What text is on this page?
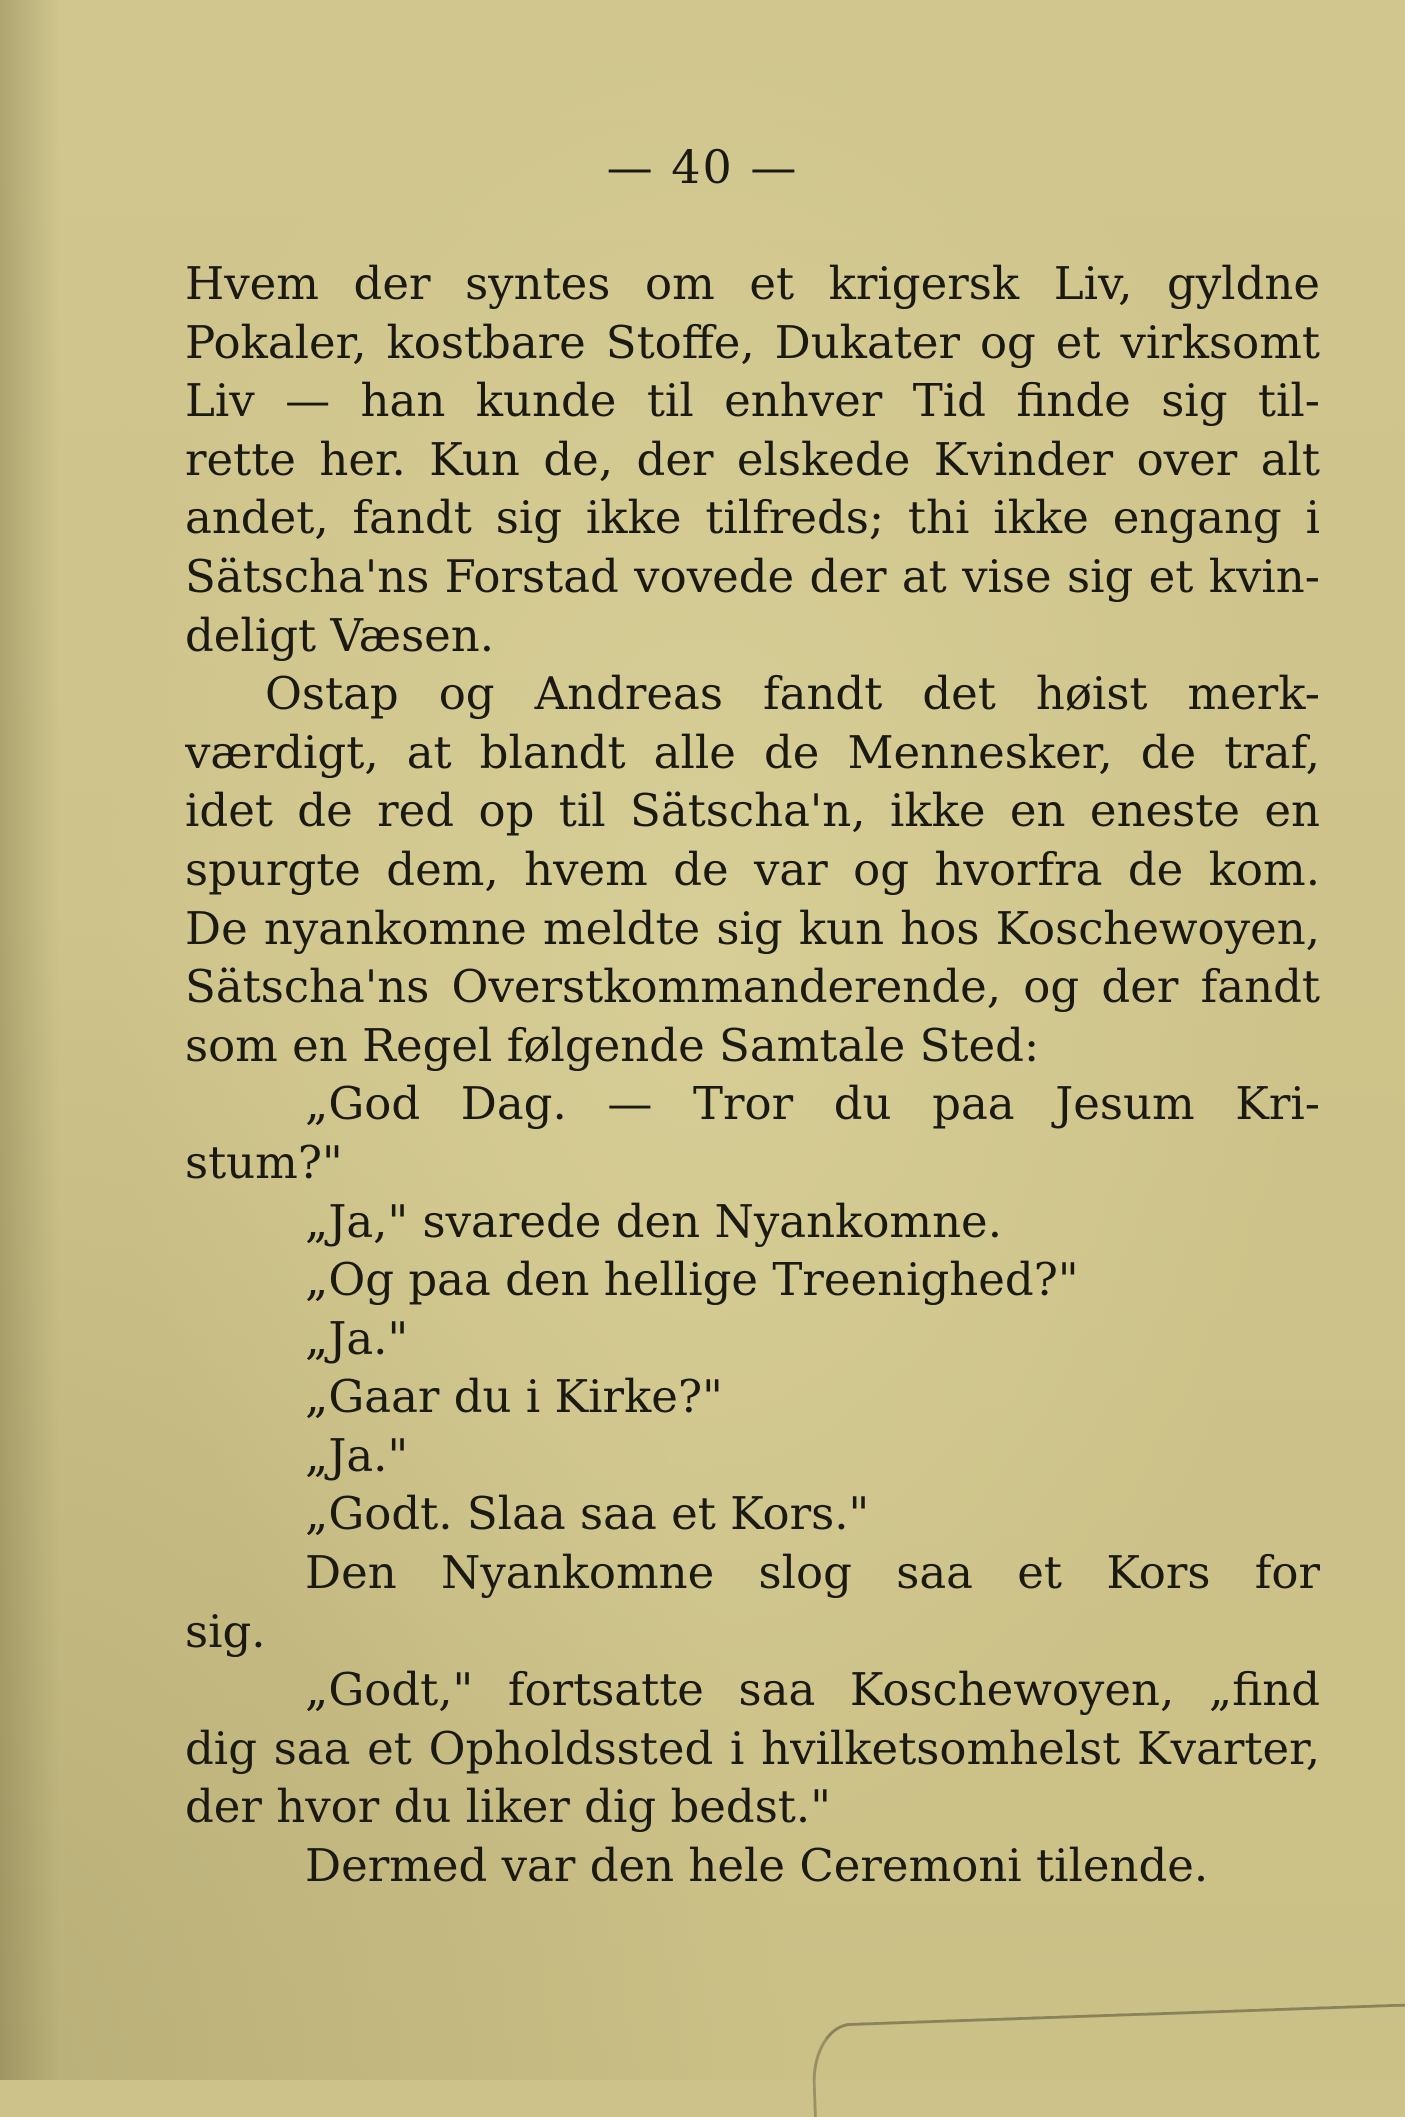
— 40 —
Hvem der syntes om et krigersk Liv, gyldne
Pokaler, kostbare Stoffe, Dukater og et virksomt
Liv — han kunde til enhver Tid finde sig til-
rette her. Kun de, der elskede Kvinder over alt
andet, fandt sig ikke tilfreds; thi ikke engang i
Sätscha'ns Forstad vovede der at vise sig et kvin-
deligt Væsen.
Ostap og Andreas fandt det høist merk-
værdigt, at blandt alle de Mennesker, de traf,
idet de red op til Sätscha'n, ikke en eneste en
spurgte dem, hvem de var og hvorfra de kom.
De nyankomne meldte sig kun hos Koschewoyen,
Sätscha'ns Overstkommanderende, og der fandt
som en Regel følgende Samtale Sted:
„God Dag. — Tror du paa Jesum Kri-
stum?"
„Ja," svarede den Nyankomne.
„Og paa den hellige Treenighed?"
„Ja."
„Gaar du i Kirke?"
„Ja."
„Godt. Slaa saa et Kors."
Den Nyankomne slog saa et Kors for
sig.
„Godt," fortsatte saa Koschewoyen, „find
dig saa et Opholdssted i hvilketsomhelst Kvarter,
der hvor du liker dig bedst."
Dermed var den hele Ceremoni tilende.
